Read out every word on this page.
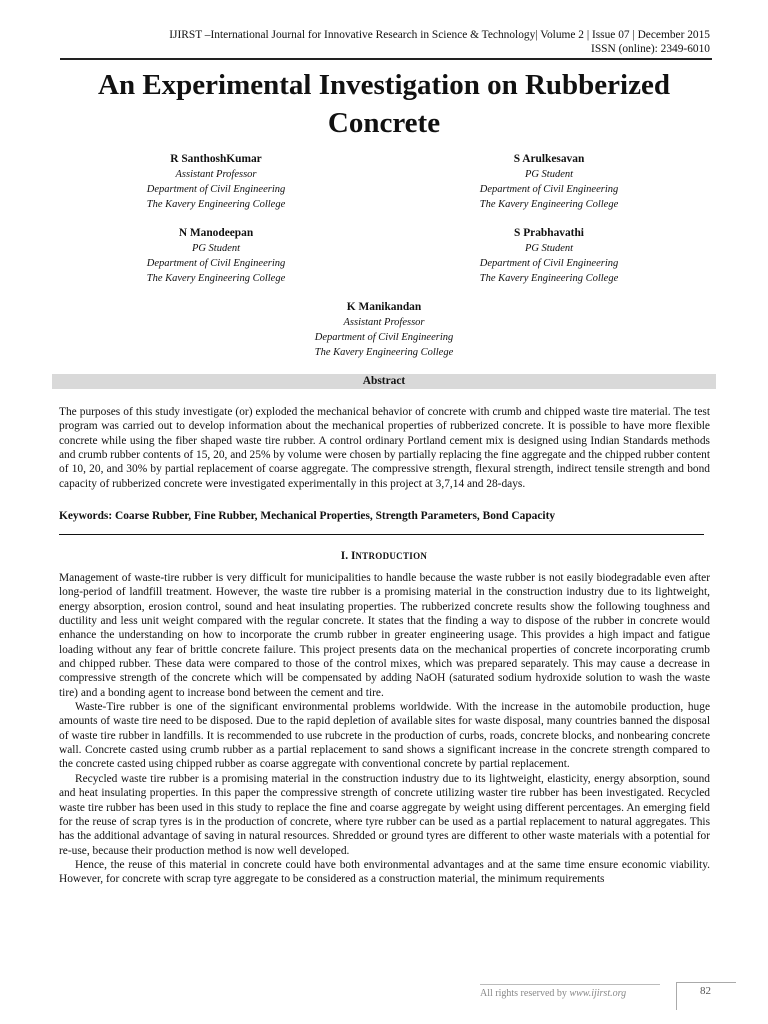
IJIRST –International Journal for Innovative Research in Science & Technology| Volume 2 | Issue 07 | December 2015
ISSN (online): 2349-6010
An Experimental Investigation on Rubberized Concrete
R SanthoshKumar
Assistant Professor
Department of Civil Engineering
The Kavery Engineering College
S Arulkesavan
PG Student
Department of Civil Engineering
The Kavery Engineering College
N Manodeepan
PG Student
Department of Civil Engineering
The Kavery Engineering College
S Prabhavathi
PG Student
Department of Civil Engineering
The Kavery Engineering College
K Manikandan
Assistant Professor
Department of Civil Engineering
The Kavery Engineering College
Abstract
The purposes of this study investigate (or) exploded the mechanical behavior of concrete with crumb and chipped waste tire material. The test program was carried out to develop information about the mechanical properties of rubberized concrete. It is possible to have more flexible concrete while using the fiber shaped waste tire rubber. A control ordinary Portland cement mix is designed using Indian Standards methods and crumb rubber contents of 15, 20, and 25% by volume were chosen by partially replacing the fine aggregate and the chipped rubber content of 10, 20, and 30% by partial replacement of coarse aggregate. The compressive strength, flexural strength, indirect tensile strength and bond capacity of rubberized concrete were investigated experimentally in this project at 3,7,14 and 28-days.
Keywords: Coarse Rubber, Fine Rubber, Mechanical Properties, Strength Parameters, Bond Capacity
I. INTRODUCTION

Management of waste-tire rubber is very difficult for municipalities to handle because the waste rubber is not easily biodegradable even after long-period of landfill treatment. However, the waste tire rubber is a promising material in the construction industry due to its lightweight, energy absorption, erosion control, sound and heat insulating properties. The rubberized concrete results show the following toughness and ductility and less unit weight compared with the regular concrete. It states that the finding a way to dispose of the rubber in concrete would enhance the understanding on how to incorporate the crumb rubber in greater engineering usage. This provides a high impact and fatigue loading without any fear of brittle concrete failure. This project presents data on the mechanical properties of concrete incorporating crumb and chipped rubber. These data were compared to those of the control mixes, which was prepared separately. This may cause a decrease in compressive strength of the concrete which will be compensated by adding NaOH (saturated sodium hydroxide solution to wash the waste tire) and a bonding agent to increase bond between the cement and tire.

Waste-Tire rubber is one of the significant environmental problems worldwide. With the increase in the automobile production, huge amounts of waste tire need to be disposed. Due to the rapid depletion of available sites for waste disposal, many countries banned the disposal of waste tire rubber in landfills. It is recommended to use rubcrete in the production of curbs, roads, concrete blocks, and nonbearing concrete wall. Concrete casted using crumb rubber as a partial replacement to sand shows a significant increase in the concrete strength compared to the concrete casted using chipped rubber as coarse aggregate with conventional concrete by partial replacement.

Recycled waste tire rubber is a promising material in the construction industry due to its lightweight, elasticity, energy absorption, sound and heat insulating properties. In this paper the compressive strength of concrete utilizing waster tire rubber has been investigated. Recycled waste tire rubber has been used in this study to replace the fine and coarse aggregate by weight using different percentages. An emerging field for the reuse of scrap tyres is in the production of concrete, where tyre rubber can be used as a partial replacement to natural aggregates. This has the additional advantage of saving in natural resources. Shredded or ground tyres are different to other waste materials with a potential for re-use, because their production method is now well developed.

Hence, the reuse of this material in concrete could have both environmental advantages and at the same time ensure economic viability. However, for concrete with scrap tyre aggregate to be considered as a construction material, the minimum requirements

All rights reserved by www.ijirst.org	82
